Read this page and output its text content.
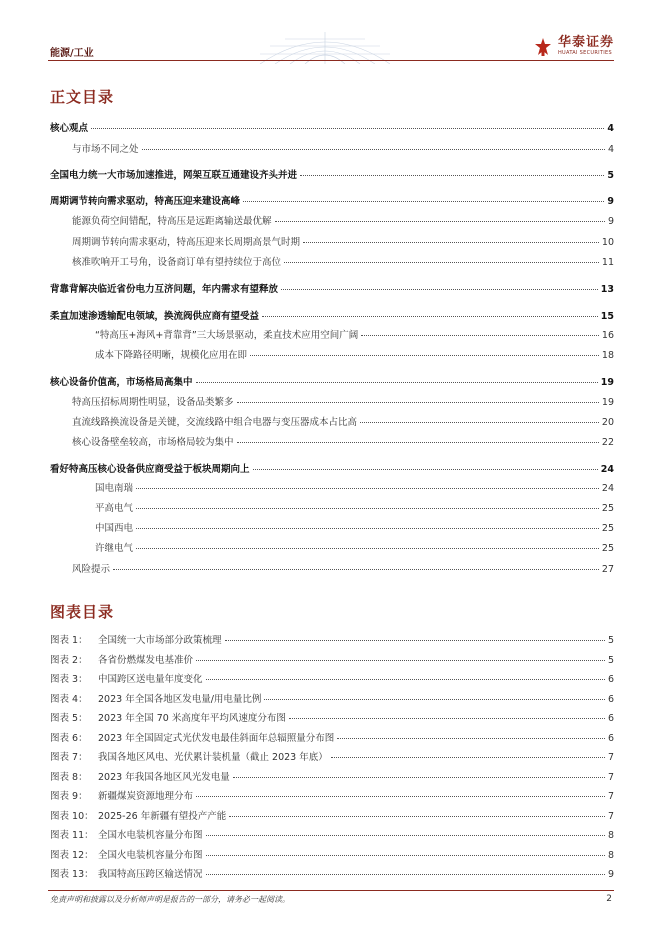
能源/工业
华泰证券
HUATAI SECURITIES
正文目录
核心观点	4
与市场不同之处	4
全国电力统一大市场加速推进，网架互联互通建设齐头并进	5
周期调节转向需求驱动，特高压迎来建设高峰	9
能源负荷空间错配，特高压是远距离输送最优解	9
周期调节转向需求驱动，特高压迎来长周期高景气时期	10
核准吹响开工号角，设备商订单有望持续位于高位	11
背靠背解决临近省份电力互济问题，年内需求有望释放	13
柔直加速渗透输配电领域，换流阀供应商有望受益	15
“特高压+海风+背靠背”三大场景驱动，柔直技术应用空间广阔	16
成本下降路径明晰，规模化应用在即	18
核心设备价值高，市场格局高集中	19
特高压招标周期性明显，设备品类繁多	19
直流线路换流设备是关键，交流线路中组合电器与变压器成本占比高	20
核心设备壁垒较高，市场格局较为集中	22
看好特高压核心设备供应商受益于板块周期向上	24
国电南瑞	24
平高电气	25
中国西电	25
许继电气	25
风险提示	27
图表目录
图表 1：	全国统一大市场部分政策梳理	5
图表 2：	各省份燃煤发电基准价	5
图表 3：	中国跨区送电量年度变化	6
图表 4：	2023 年全国各地区发电量/用电量比例	6
图表 5：	2023 年全国 70 米高度年平均风速度分布图	6
图表 6：	2023 年全国固定式光伏发电最佳斜面年总辐照量分布图	6
图表 7：	我国各地区风电、光伏累计装机量（截止 2023 年底）	7
图表 8：	2023 年我国各地区风光发电量	7
图表 9：	新疆煤炭资源地理分布	7
图表 10： 2025-26 年新疆有望投产产能	7
图表 11： 全国水电装机容量分布图	8
图表 12： 全国火电装机容量分布图	8
图表 13： 我国特高压跨区输送情况	9
免责声明和披露以及分析师声明是报告的一部分，请务必一起阅读。	2
